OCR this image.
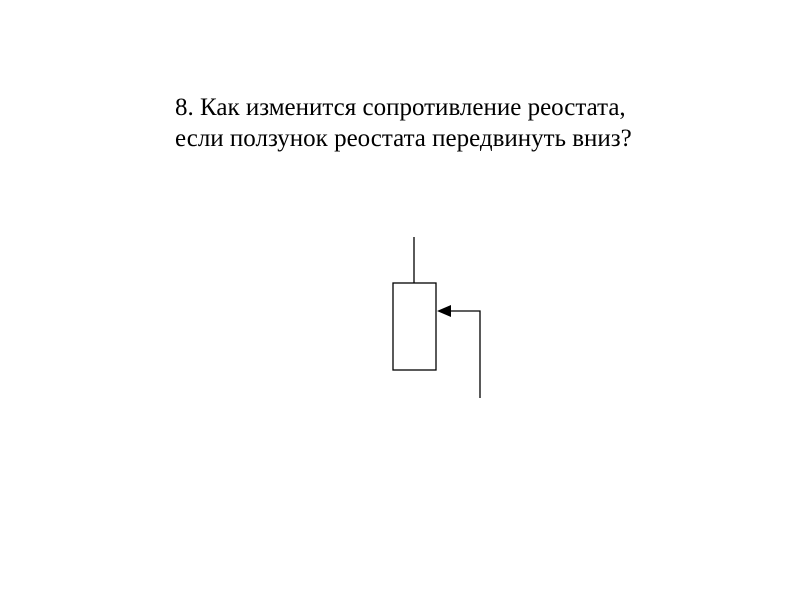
8. Как изменится сопротивление реостата,
если ползунок реостата передвинуть вниз?
